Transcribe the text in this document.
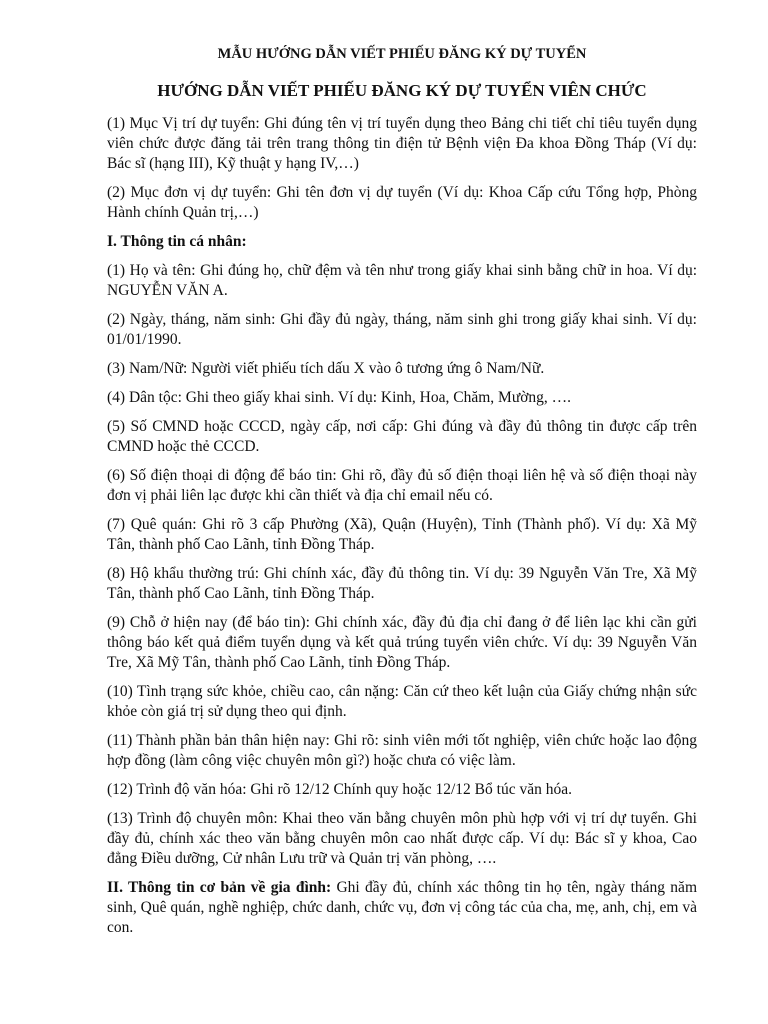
MẪU HƯỚNG DẪN VIẾT PHIẾU ĐĂNG KÝ DỰ TUYỂN
HƯỚNG DẪN VIẾT PHIẾU ĐĂNG KÝ DỰ TUYỂN VIÊN CHỨC

(1) Mục Vị trí dự tuyển: Ghi đúng tên vị trí tuyển dụng theo Bảng chi tiết chỉ tiêu tuyển dụng viên chức được đăng tải trên trang thông tin điện tử Bệnh viện Đa khoa Đồng Tháp (Ví dụ: Bác sĩ (hạng III), Kỹ thuật y hạng IV,…)

(2) Mục đơn vị dự tuyển: Ghi tên đơn vị dự tuyển (Ví dụ: Khoa Cấp cứu Tổng hợp, Phòng Hành chính Quản trị,…)

I. Thông tin cá nhân:

(1) Họ và tên: Ghi đúng họ, chữ đệm và tên như trong giấy khai sinh bằng chữ in hoa. Ví dụ: NGUYỄN VĂN A.

(2) Ngày, tháng, năm sinh: Ghi đầy đủ ngày, tháng, năm sinh ghi trong giấy khai sinh. Ví dụ: 01/01/1990.

(3) Nam/Nữ: Người viết phiếu tích dấu X vào ô tương ứng ô Nam/Nữ.

(4) Dân tộc: Ghi theo giấy khai sinh. Ví dụ: Kinh, Hoa, Chăm, Mường, ….

(5) Số CMND hoặc CCCD, ngày cấp, nơi cấp: Ghi đúng và đầy đủ thông tin được cấp trên CMND hoặc thẻ CCCD.

(6) Số điện thoại di động để báo tin: Ghi rõ, đầy đủ số điện thoại liên hệ và số điện thoại này đơn vị phải liên lạc được khi cần thiết và địa chỉ email nếu có.

(7) Quê quán: Ghi rõ 3 cấp Phường (Xã), Quận (Huyện), Tỉnh (Thành phố). Ví dụ: Xã Mỹ Tân, thành phố Cao Lãnh, tỉnh Đồng Tháp.

(8) Hộ khẩu thường trú: Ghi chính xác, đầy đủ thông tin. Ví dụ: 39 Nguyễn Văn Tre, Xã Mỹ Tân, thành phố Cao Lãnh, tỉnh Đồng Tháp.

(9) Chỗ ở hiện nay (để báo tin): Ghi chính xác, đầy đủ địa chỉ đang ở để liên lạc khi cần gửi thông báo kết quả điểm tuyển dụng và kết quả trúng tuyển viên chức. Ví dụ: 39 Nguyễn Văn Tre, Xã Mỹ Tân, thành phố Cao Lãnh, tỉnh Đồng Tháp.

(10) Tình trạng sức khỏe, chiều cao, cân nặng: Căn cứ theo kết luận của Giấy chứng nhận sức khỏe còn giá trị sử dụng theo qui định.

(11) Thành phần bản thân hiện nay: Ghi rõ: sinh viên mới tốt nghiệp, viên chức hoặc lao động hợp đồng (làm công việc chuyên môn gì?) hoặc chưa có việc làm.

(12) Trình độ văn hóa: Ghi rõ 12/12 Chính quy hoặc 12/12 Bổ túc văn hóa.

(13) Trình độ chuyên môn: Khai theo văn bằng chuyên môn phù hợp với vị trí dự tuyển. Ghi đầy đủ, chính xác theo văn bằng chuyên môn cao nhất được cấp. Ví dụ: Bác sĩ y khoa, Cao đẳng Điều dưỡng, Cử nhân Lưu trữ và Quản trị văn phòng, ….

II. Thông tin cơ bản về gia đình: Ghi đầy đủ, chính xác thông tin họ tên, ngày tháng năm sinh, Quê quán, nghề nghiệp, chức danh, chức vụ, đơn vị công tác của cha, mẹ, anh, chị, em và con.
